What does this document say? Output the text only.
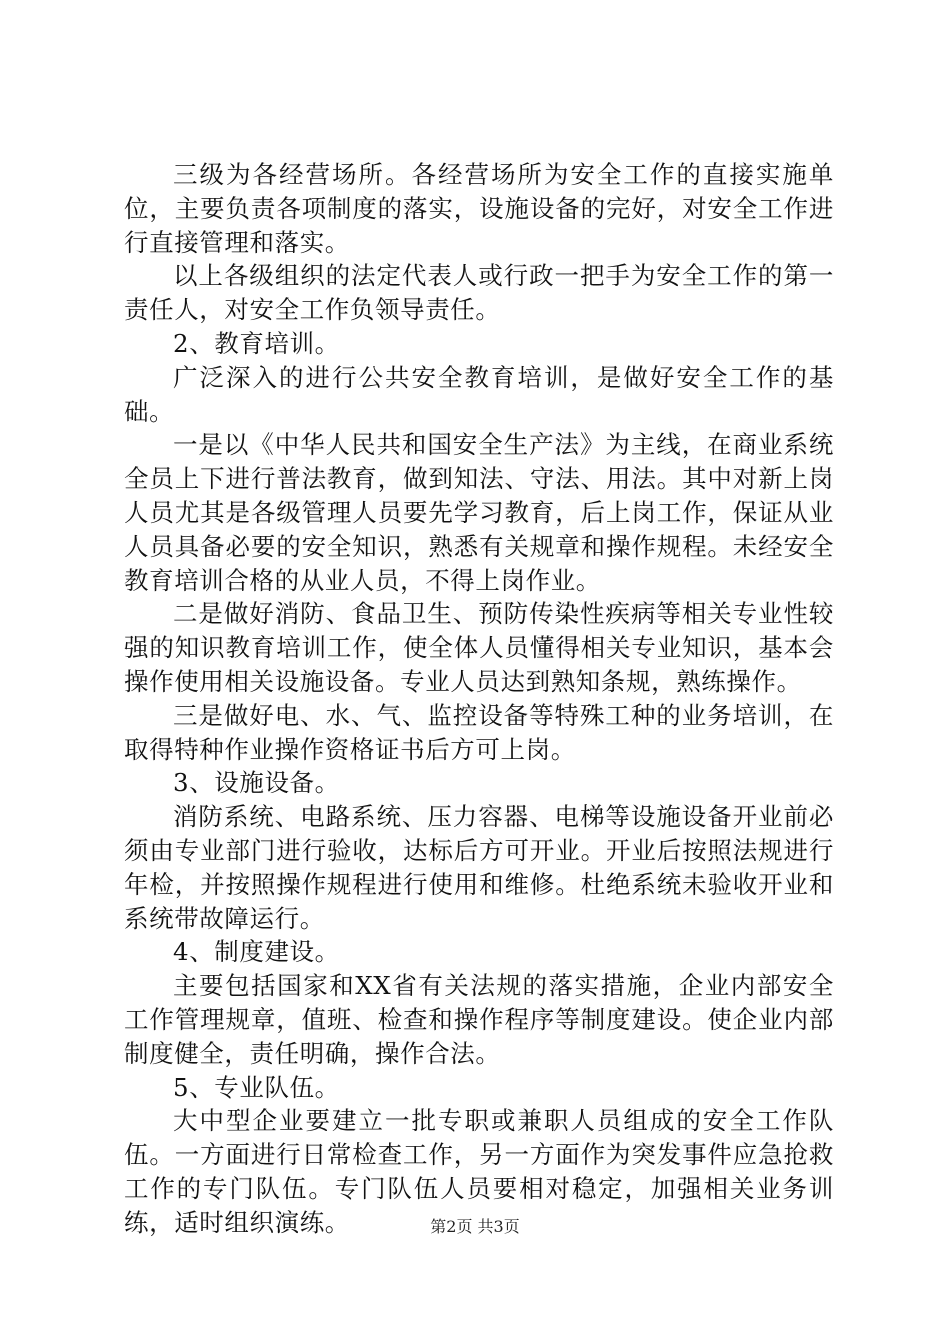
三级为各经营场所。各经营场所为安全工作的直接实施单位，主要负责各项制度的落实，设施设备的完好，对安全工作进行直接管理和落实。

以上各级组织的法定代表人或行政一把手为安全工作的第一责任人，对安全工作负领导责任。

2、教育培训。

广泛深入的进行公共安全教育培训，是做好安全工作的基础。

一是以《中华人民共和国安全生产法》为主线，在商业系统全员上下进行普法教育，做到知法、守法、用法。其中对新上岗人员尤其是各级管理人员要先学习教育，后上岗工作，保证从业人员具备必要的安全知识，熟悉有关规章和操作规程。未经安全教育培训合格的从业人员，不得上岗作业。

二是做好消防、食品卫生、预防传染性疾病等相关专业性较强的知识教育培训工作，使全体人员懂得相关专业知识，基本会操作使用相关设施设备。专业人员达到熟知条规，熟练操作。

三是做好电、水、气、监控设备等特殊工种的业务培训，在取得特种作业操作资格证书后方可上岗。

3、设施设备。

消防系统、电路系统、压力容器、电梯等设施设备开业前必须由专业部门进行验收，达标后方可开业。开业后按照法规进行年检，并按照操作规程进行使用和维修。杜绝系统未验收开业和系统带故障运行。

4、制度建设。

主要包括国家和XX省有关法规的落实措施，企业内部安全工作管理规章，值班、检查和操作程序等制度建设。使企业内部制度健全，责任明确，操作合法。

5、专业队伍。

大中型企业要建立一批专职或兼职人员组成的安全工作队伍。一方面进行日常检查工作，另一方面作为突发事件应急抢救工作的专门队伍。专门队伍人员要相对稳定，加强相关业务训练，适时组织演练。	第2页 共3页
